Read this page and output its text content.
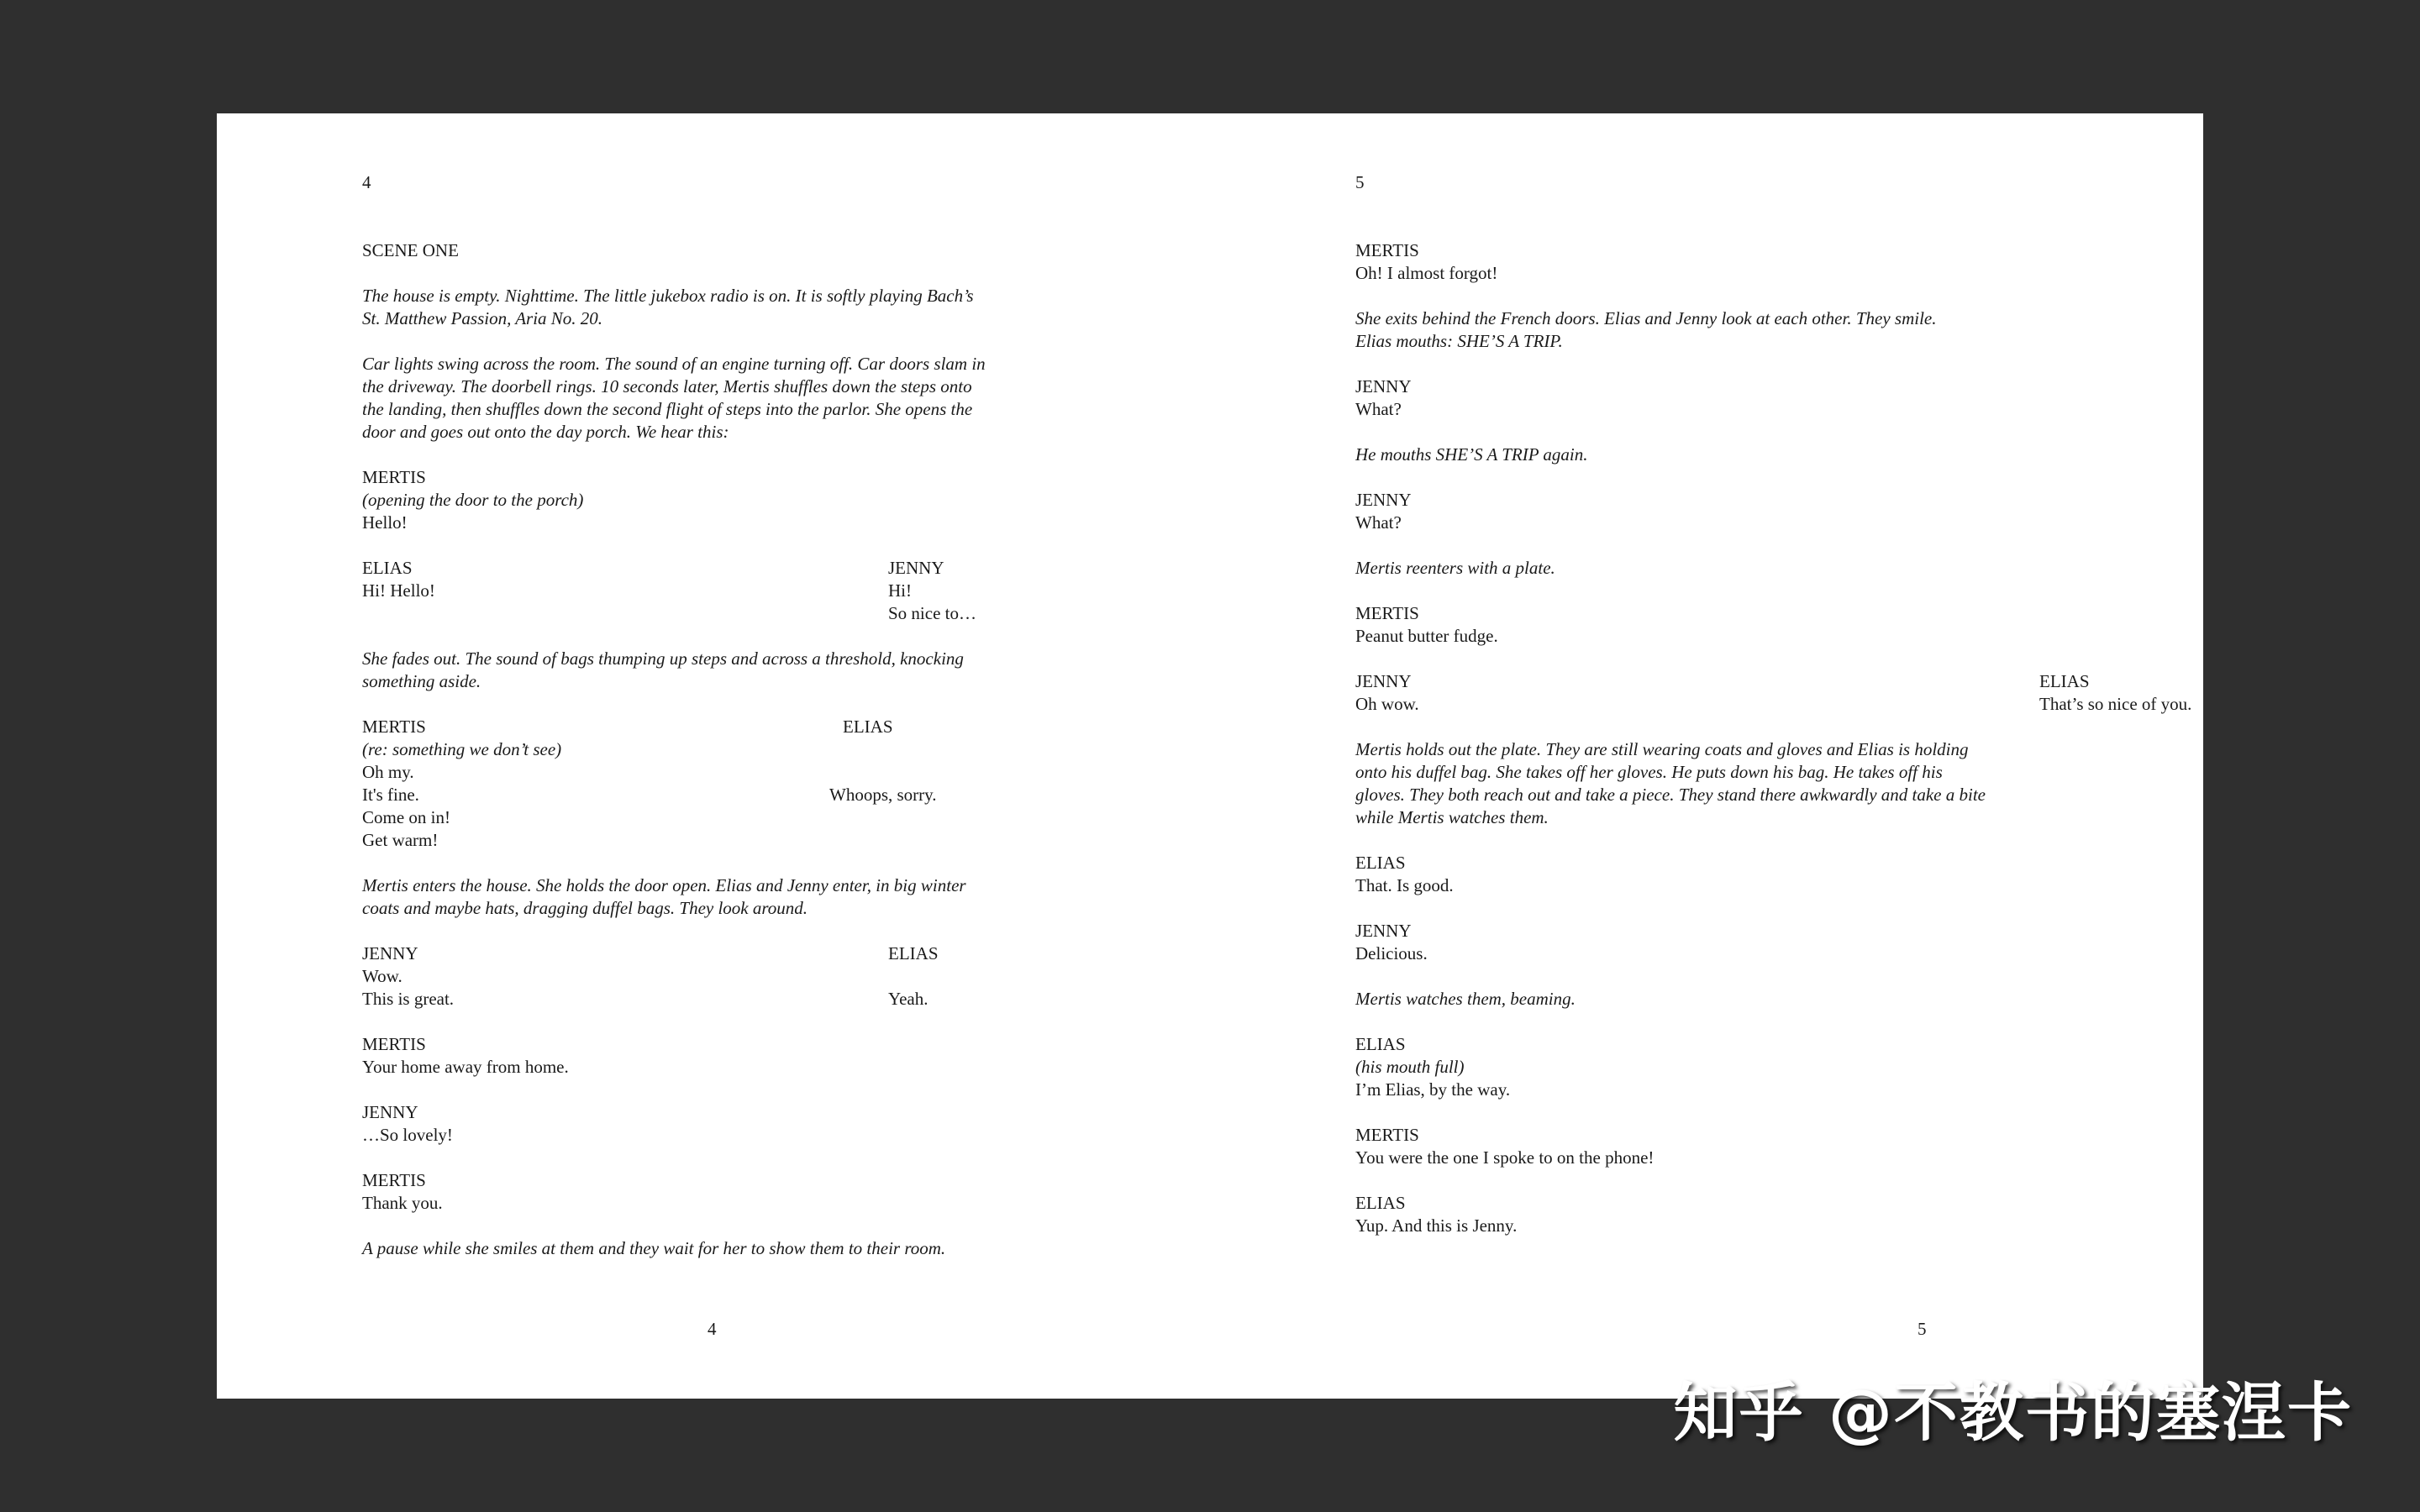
4
SCENE ONE
The house is empty. Nighttime. The little jukebox radio is on. It is softly playing Bach’s
St. Matthew Passion, Aria No. 20.
Car lights swing across the room. The sound of an engine turning off. Car doors slam in
the driveway. The doorbell rings. 10 seconds later, Mertis shuffles down the steps onto
the landing, then shuffles down the second flight of steps into the parlor. She opens the
door and goes out onto the day porch. We hear this:
MERTIS
(opening the door to the porch)
Hello!
ELIAS
Hi! Hello!
JENNY
Hi!
So nice to…
She fades out. The sound of bags thumping up steps and across a threshold, knocking
something aside.
MERTIS
(re: something we don’t see)
Oh my.
It's fine.
Come on in!
Get warm!
ELIAS
Whoops, sorry.
Mertis enters the house. She holds the door open. Elias and Jenny enter, in big winter
coats and maybe hats, dragging duffel bags. They look around.
JENNY
Wow.
This is great.
ELIAS
Yeah.
MERTIS
Your home away from home.
JENNY
…So lovely!
MERTIS
Thank you.
A pause while she smiles at them and they wait for her to show them to their room.
4
5
MERTIS
Oh! I almost forgot!
She exits behind the French doors. Elias and Jenny look at each other. They smile.
Elias mouths: SHE’S A TRIP.
JENNY
What?
He mouths SHE’S A TRIP again.
JENNY
What?
Mertis reenters with a plate.
MERTIS
Peanut butter fudge.
JENNY
Oh wow.
ELIAS
That’s so nice of you.
Mertis holds out the plate. They are still wearing coats and gloves and Elias is holding
onto his duffel bag. She takes off her gloves. He puts down his bag. He takes off his
gloves. They both reach out and take a piece. They stand there awkwardly and take a bite
while Mertis watches them.
ELIAS
That. Is good.
JENNY
Delicious.
Mertis watches them, beaming.
ELIAS
(his mouth full)
I’m Elias, by the way.
MERTIS
You were the one I spoke to on the phone!
ELIAS
Yup. And this is Jenny.
5
知乎 @不教书的塞涅卡
